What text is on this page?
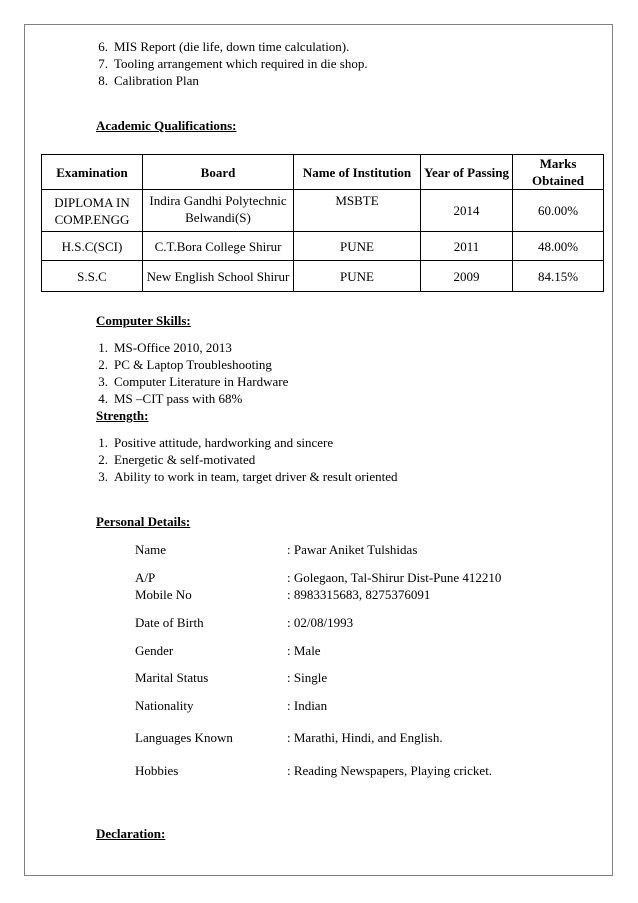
6. MIS Report (die life, down time calculation).
7. Tooling arrangement which required in die shop.
8. Calibration Plan
Academic Qualifications:
Examination	Board	Name of Institution	Year of Passing	Marks Obtained
DIPLOMA IN COMP.ENGG	Indira Gandhi Polytechnic Belwandi(S)	MSBTE	2014	60.00%
H.S.C(SCI)	C.T.Bora College Shirur	PUNE	2011	48.00%
S.S.C	New English School Shirur	PUNE	2009	84.15%
Computer Skills:
1. MS-Office 2010, 2013
2. PC & Laptop Troubleshooting
3. Computer Literature in Hardware
4. MS –CIT pass with 68%
Strength:
1. Positive attitude, hardworking and sincere
2. Energetic & self-motivated
3. Ability to work in team, target driver & result oriented
Personal Details:
Name	: Pawar Aniket Tulshidas
A/P	: Golegaon, Tal-Shirur Dist-Pune 412210
Mobile No	: 8983315683, 8275376091
Date of Birth	: 02/08/1993
Gender	: Male
Marital Status	: Single
Nationality	: Indian
Languages Known	: Marathi, Hindi, and English.
Hobbies	: Reading Newspapers, Playing cricket.
Declaration:
